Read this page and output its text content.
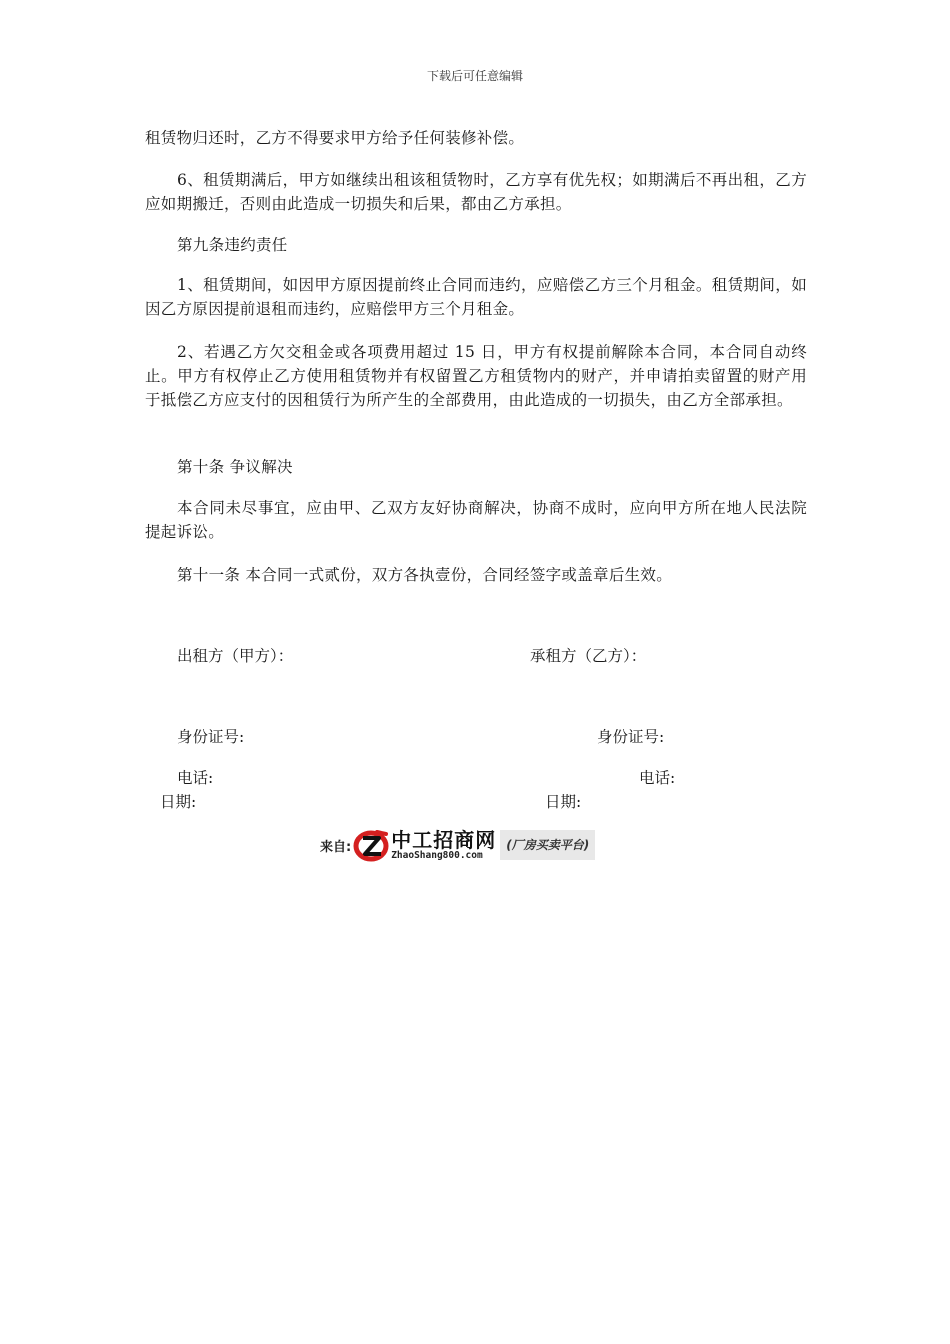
下载后可任意编辑
租赁物归还时，乙方不得要求甲方给予任何装修补偿。
6、租赁期满后，甲方如继续出租该租赁物时，乙方享有优先权；如期满后不再出租，乙方应如期搬迁，否则由此造成一切损失和后果，都由乙方承担。
第九条违约责任
1、租赁期间，如因甲方原因提前终止合同而违约，应赔偿乙方三个月租金。租赁期间，如因乙方原因提前退租而违约，应赔偿甲方三个月租金。
2、若遇乙方欠交租金或各项费用超过 15 日，甲方有权提前解除本合同，本合同自动终止。甲方有权停止乙方使用租赁物并有权留置乙方租赁物内的财产，并申请拍卖留置的财产用于抵偿乙方应支付的因租赁行为所产生的全部费用，由此造成的一切损失，由乙方全部承担。
第十条 争议解决
本合同未尽事宜，应由甲、乙双方友好协商解决，协商不成时，应向甲方所在地人民法院提起诉讼。
第十一条 本合同一式贰份，双方各执壹份，合同经签字或盖章后生效。
出租方（甲方）：	承租方（乙方）：
身份证号:	身份证号:
电话:	电话:
日期:	日期:
来自: 中工招商网
ZhaoShang800.com
(厂房买卖平台)
